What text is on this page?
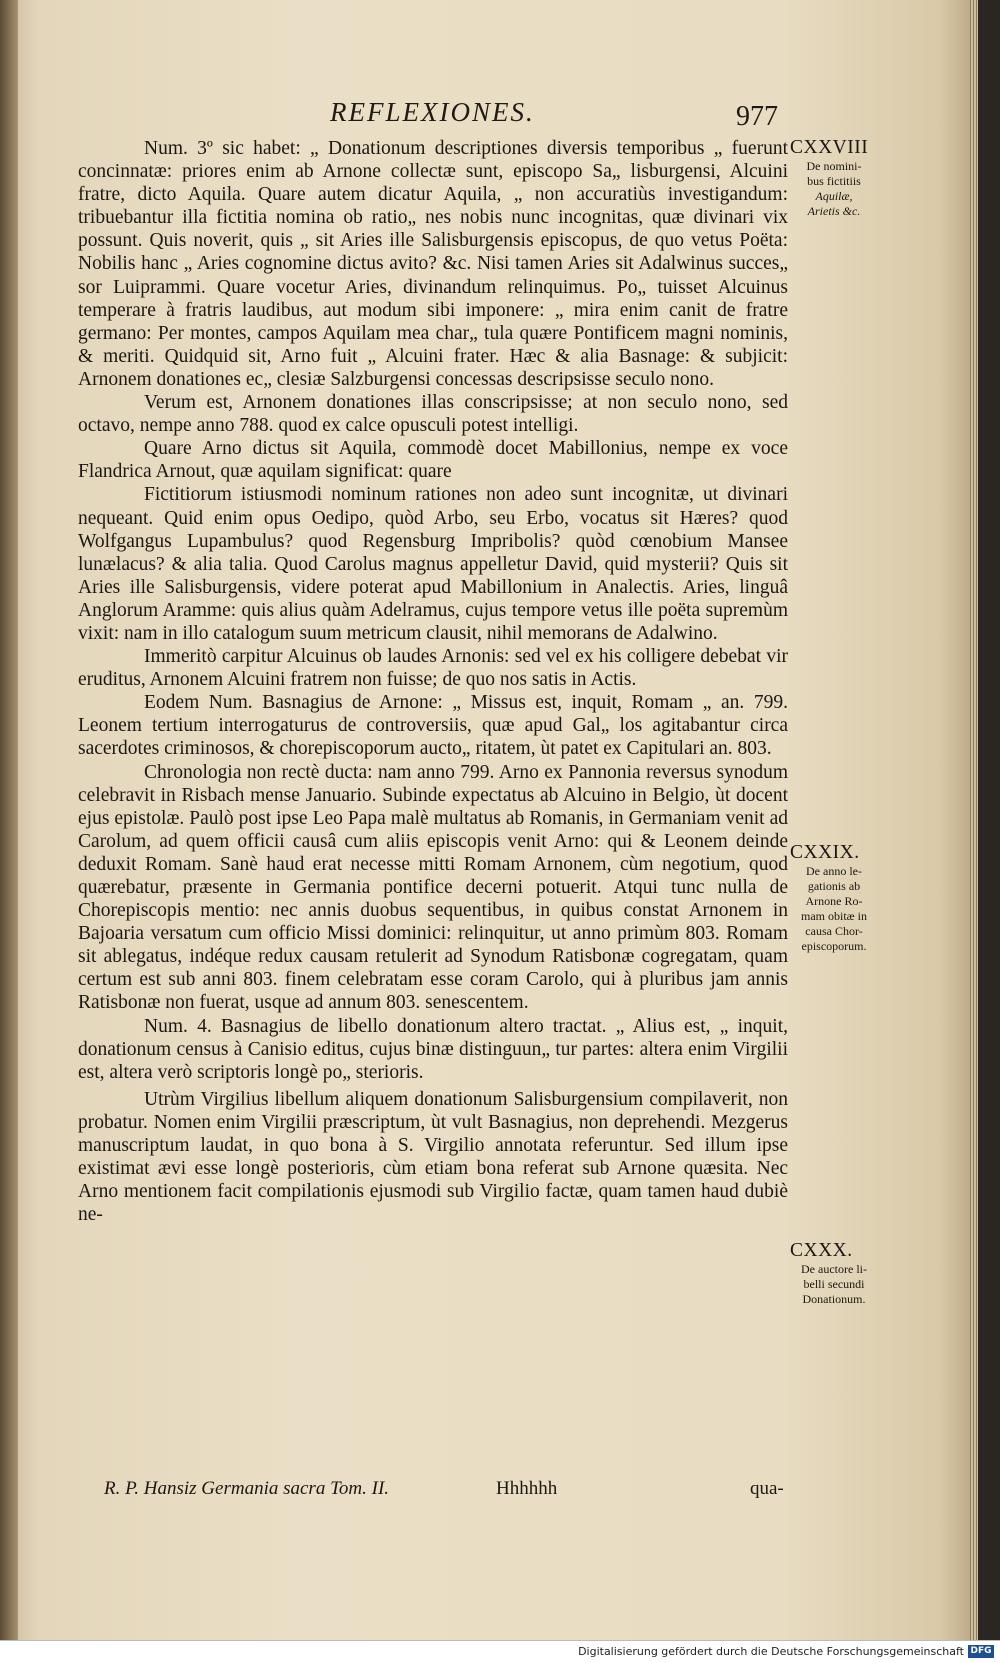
REFLEXIONES.	977

Num. 3º sic habet: „ Donationum descriptiones diversis temporibus „ fuerunt concinnatæ: priores enim ab Arnone collectæ sunt, episcopo Sa„ lisburgensi, Alcuini fratre, dicto Aquila. Quare autem dicatur Aquila, „ non accuratiùs investigandum: tribuebantur illa fictitia nomina ob ratio„ nes nobis nunc incognitas, quæ divinari vix possunt. Quis noverit, quis „ sit Aries ille Salisburgensis episcopus, de quo vetus Poëta: Nobilis hanc „ Aries cognomine dictus avito? &c. Nisi tamen Aries sit Adalwinus succes„ sor Luiprammi. Quare vocetur Aries, divinandum relinquimus. Po„ tuisset Alcuinus temperare à fratris laudibus, aut modum sibi imponere: „ mira enim canit de fratre germano: Per montes, campos Aquilam mea char„ tula quære Pontificem magni nominis, & meriti. Quidquid sit, Arno fuit „ Alcuini frater. Hæc & alia Basnage: & subjicit: Arnonem donationes ec„ clesiæ Salzburgensi concessas descripsisse seculo nono.

Verum est, Arnonem donationes illas conscripsisse; at non seculo nono, sed octavo, nempe anno 788. quod ex calce opusculi potest intelligi.

Quare Arno dictus sit Aquila, commodè docet Mabillonius, nempe ex voce Flandrica Arnout, quæ aquilam significat: quare

Fictitiorum istiusmodi nominum rationes non adeo sunt incognitæ, ut divinari nequeant. Quid enim opus Oedipo, quòd Arbo, seu Erbo, vocatus sit Hæres? quod Wolfgangus Lupambulus? quod Regensburg Impribolis? quòd cœnobium Mansee lunælacus? & alia talia. Quod Carolus magnus appelletur David, quid mysterii? Quis sit Aries ille Salisburgensis, videre poterat apud Mabillonium in Analectis. Aries, linguâ Anglorum Aramme: quis alius quàm Adelramus, cujus tempore vetus ille poëta supremùm vixit: nam in illo catalogum suum metricum clausit, nihil memorans de Adalwino.

Immeritò carpitur Alcuinus ob laudes Arnonis: sed vel ex his colligere debebat vir eruditus, Arnonem Alcuini fratrem non fuisse; de quo nos satis in Actis.

Eodem Num. Basnagius de Arnone: „ Missus est, inquit, Romam „ an. 799. Leonem tertium interrogaturus de controversiis, quæ apud Gal„ los agitabantur circa sacerdotes criminosos, & chorepiscoporum aucto„ ritatem, ùt patet ex Capitulari an. 803.

Chronologia non rectè ducta: nam anno 799. Arno ex Pannonia reversus synodum celebravit in Risbach mense Januario. Subinde expectatus ab Alcuino in Belgio, ùt docent ejus epistolæ. Paulò post ipse Leo Papa malè multatus ab Romanis, in Germaniam venit ad Carolum, ad quem officii causâ cum aliis episcopis venit Arno: qui & Leonem deinde deduxit Romam. Sanè haud erat necesse mitti Romam Arnonem, cùm negotium, quod quærebatur, præsente in Germania pontifice decerni potuerit. Atqui tunc nulla de Chorepiscopis mentio: nec annis duobus sequentibus, in quibus constat Arnonem in Bajoaria versatum cum officio Missi dominici: relinquitur, ut anno primùm 803. Romam sit ablegatus, indéque redux causam retulerit ad Synodum Ratisbonæ cogregatam, quam certum est sub anni 803. finem celebratam esse coram Carolo, qui à pluribus jam annis Ratisbonæ non fuerat, usque ad annum 803. senescentem.

Num. 4. Basnagius de libello donationum altero tractat. „ Alius est, „ inquit, donationum census à Canisio editus, cujus binæ distinguun„ tur partes: altera enim Virgilii est, altera verò scriptoris longè po„ sterioris.

Utrùm Virgilius libellum aliquem donationum Salisburgensium compilaverit, non probatur. Nomen enim Virgilii præscriptum, ùt vult Basnagius, non deprehendi. Mezgerus manuscriptum laudat, in quo bona à S. Virgilio annotata referuntur. Sed illum ipse existimat ævi esse longè posterioris, cùm etiam bona referat sub Arnone quæsita. Nec Arno mentionem facit compilationis ejusmodi sub Virgilio factæ, quam tamen haud dubiè ne-

CXXVIII
De nomini-
bus fictitiis
Aquilæ,
Arietis &c.
CXXIX.
De anno le-
gationis ab
Arnone Ro-
mam obitæ in
causa Chor-
episcoporum.
CXXX.
De auctore li-
belli secundi
Donationum.
R. P. Hansiz Germania sacra Tom. II.	Hhhhhh	qua-
Digitalisierung gefördert durch die Deutsche Forschungsgemeinschaft DFG
